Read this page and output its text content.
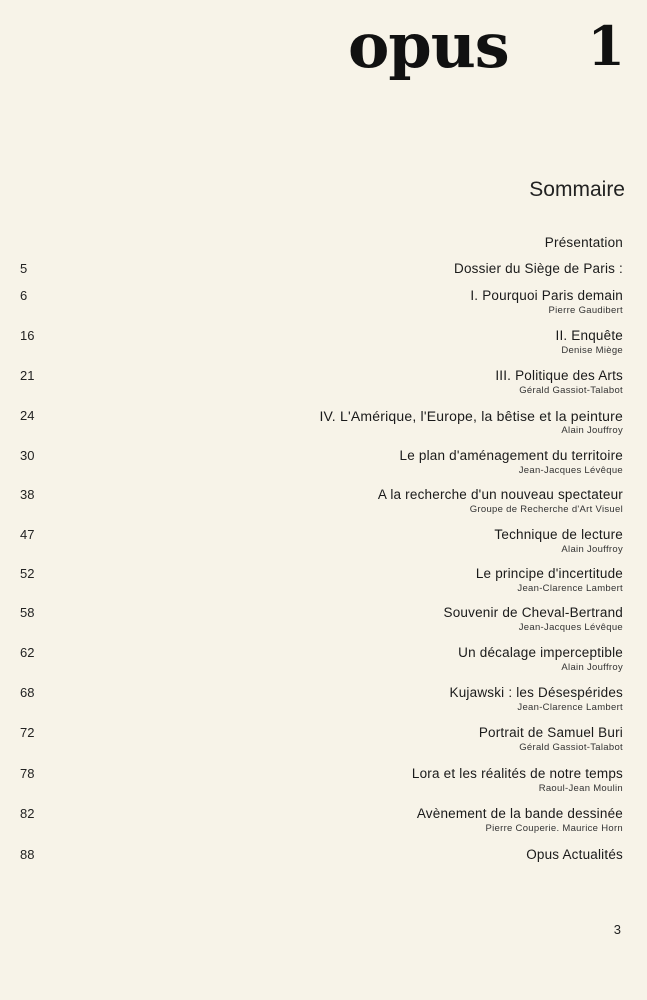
opus 1
Sommaire
Présentation
5	Dossier du Siège de Paris :
6	I. Pourquoi Paris demain
Pierre Gaudibert
16	II. Enquête
Denise Miège
21	III. Politique des Arts
Gérald Gassiot-Talabot
24	IV. L'Amérique, l'Europe, la bêtise et la peinture
Alain Jouffroy
30	Le plan d'aménagement du territoire
Jean-Jacques Lévêque
38	A la recherche d'un nouveau spectateur
Groupe de Recherche d'Art Visuel
47	Technique de lecture
Alain Jouffroy
52	Le principe d'incertitude
Jean-Clarence Lambert
58	Souvenir de Cheval-Bertrand
Jean-Jacques Lévêque
62	Un décalage imperceptible
Alain Jouffroy
68	Kujawski : les Désespérides
Jean-Clarence Lambert
72	Portrait de Samuel Buri
Gérald Gassiot-Talabot
78	Lora et les réalités de notre temps
Raoul-Jean Moulin
82	Avènement de la bande dessinée
Pierre Couperie. Maurice Horn
88	Opus Actualités
3
